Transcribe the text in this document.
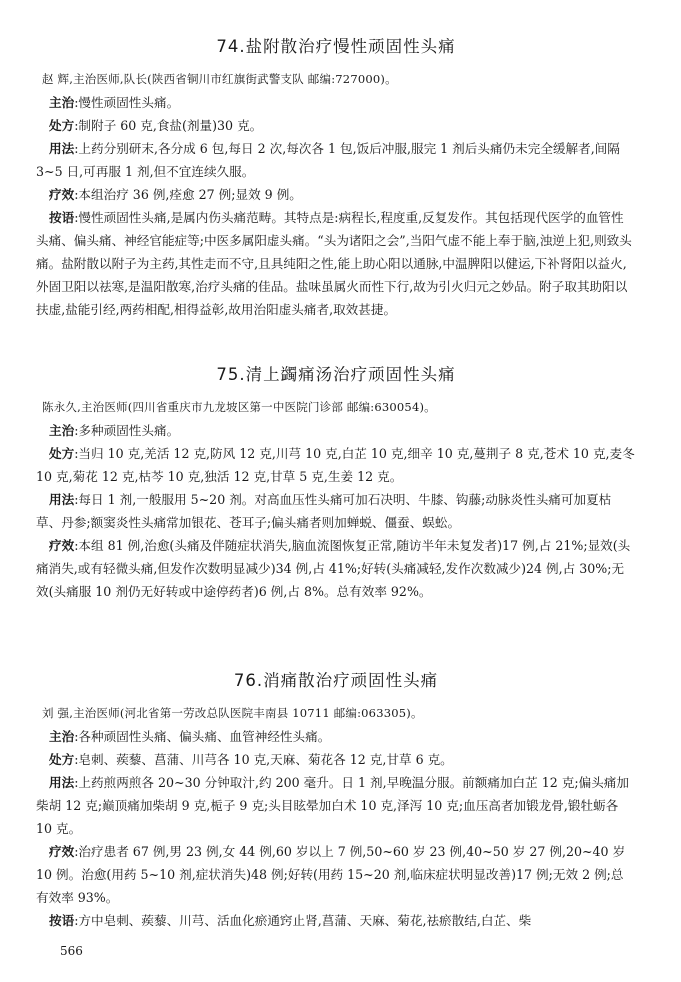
74.盐附散治疗慢性顽固性头痛

赵 辉,主治医师,队长(陕西省铜川市红旗街武警支队 邮编:727000)。

主治:慢性顽固性头痛。

处方:制附子 60 克,食盐(剂量)30 克。

用法:上药分别研末,各分成 6 包,每日 2 次,每次各 1 包,饭后冲服,服完 1 剂后头痛仍未完全缓解者,间隔 3~5 日,可再服 1 剂,但不宜连续久服。

疗效:本组治疗 36 例,痊愈 27 例;显效 9 例。

按语:慢性顽固性头痛,是属内伤头痛范畴。其特点是:病程长,程度重,反复发作。其包括现代医学的血管性头痛、偏头痛、神经官能症等;中医多属阳虚头痛。“头为诸阳之会”,当阳气虚不能上奉于脑,浊逆上犯,则致头痛。盐附散以附子为主药,其性走而不守,且具纯阳之性,能上助心阳以通脉,中温脾阳以健运,下补肾阳以益火,外固卫阳以祛寒,是温阳散寒,治疗头痛的佳品。盐味虽属火而性下行,故为引火归元之妙品。附子取其助阳以扶虚,盐能引经,两药相配,相得益彰,故用治阳虚头痛者,取效甚捷。

75.清上蠲痛汤治疗顽固性头痛

陈永久,主治医师(四川省重庆市九龙坡区第一中医院门诊部 邮编:630054)。

主治:多种顽固性头痛。

处方:当归 10 克,羌活 12 克,防风 12 克,川芎 10 克,白芷 10 克,细辛 10 克,蔓荆子 8 克,苍术 10 克,麦冬 10 克,菊花 12 克,枯芩 10 克,独活 12 克,甘草 5 克,生姜 12 克。

用法:每日 1 剂,一般服用 5~20 剂。对高血压性头痛可加石决明、牛膝、钩藤;动脉炎性头痛可加夏枯草、丹参;额窦炎性头痛常加银花、苍耳子;偏头痛者则加蝉蜕、僵蚕、蜈蚣。

疗效:本组 81 例,治愈(头痛及伴随症状消失,脑血流图恢复正常,随访半年未复发者)17 例,占 21%;显效(头痛消失,或有轻微头痛,但发作次数明显减少)34 例,占 41%;好转(头痛减轻,发作次数减少)24 例,占 30%;无效(头痛服 10 剂仍无好转或中途停药者)6 例,占 8%。总有效率 92%。

76.消痛散治疗顽固性头痛

刘 强,主治医师(河北省第一劳改总队医院丰南县 10711 邮编:063305)。

主治:各种顽固性头痛、偏头痛、血管神经性头痛。

处方:皂刺、蒺藜、菖蒲、川芎各 10 克,天麻、菊花各 12 克,甘草 6 克。

用法:上药煎两煎各 20~30 分钟取汁,约 200 毫升。日 1 剂,早晚温分服。前额痛加白芷 12 克;偏头痛加柴胡 12 克;巅顶痛加柴胡 9 克,栀子 9 克;头目眩晕加白术 10 克,泽泻 10 克;血压高者加锻龙骨,锻牡蛎各 10 克。

疗效:治疗患者 67 例,男 23 例,女 44 例,60 岁以上 7 例,50~60 岁 23 例,40~50 岁 27 例,20~40 岁 10 例。治愈(用药 5~10 剂,症状消失)48 例;好转(用药 15~20 剂,临床症状明显改善)17 例;无效 2 例;总有效率 93%。

按语:方中皂刺、蒺藜、川芎、活血化瘀通窍止肾,菖蒲、天麻、菊花,祛瘀散结,白芷、柴

566
